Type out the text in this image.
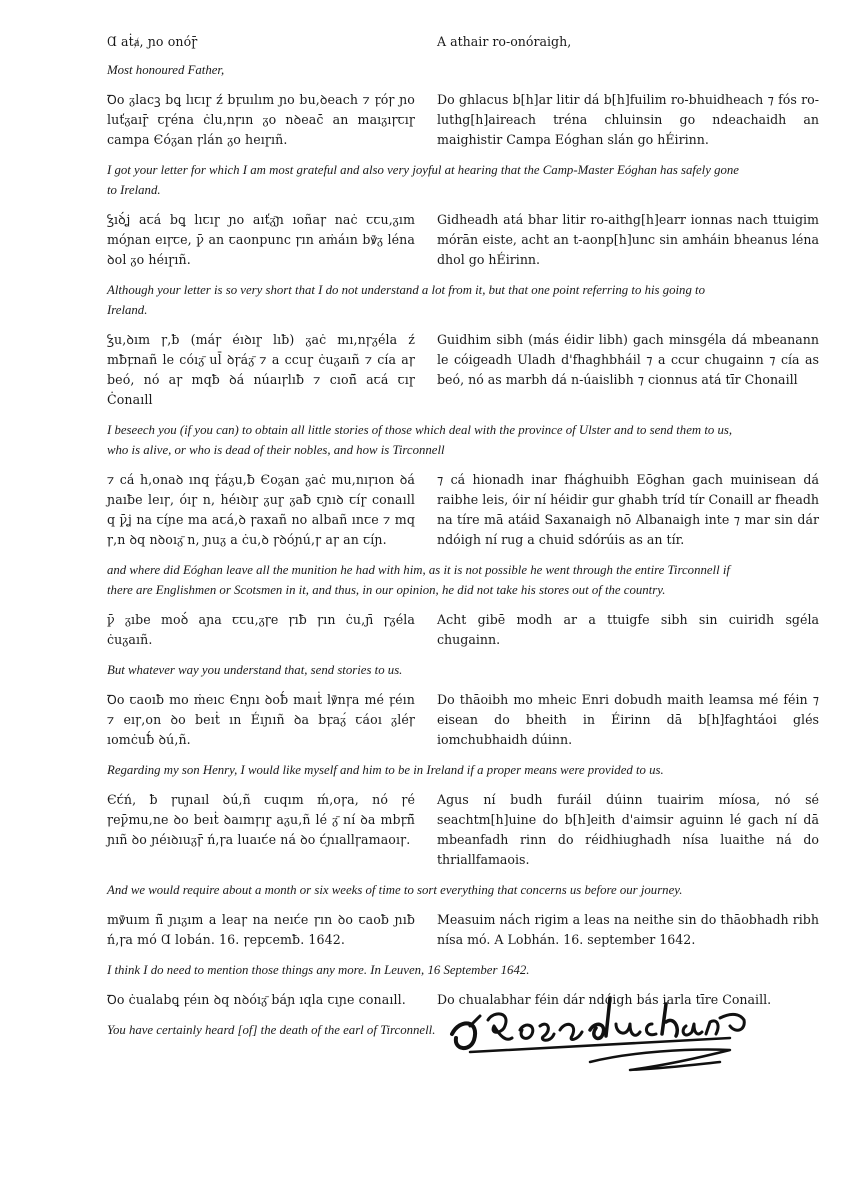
Ɑ aṫⱥ, ɲo onóɼ̄	A athair ro-onóraigh,

Most honoured Father,

Ꝺo ᵹlacꝫ bꝗ lıꞇıɼ ź bꝼuılım ɲo bu,ꝺeach ⁊ ꝼóꞅ ɲo luťᵹaıɼ̄ ꞇɼéna ċlu,nꞅın ᵹo nꝺeaċ̄ an maıᵹıꞅꞇıɼ campa Єóᵹan ꞅlán ᵹo heıɼıñ.
Do ghlacus b[h]ar litir dá b[h]fuilim ro-bhuidheach ⁊ fós ro-luthg[h]aireach tréna chluinsin go ndeachaidh an maighistir Campa Eóghan slán go hÉirinn.

I got your letter for which I am most grateful and also very joyful at hearing that the Camp-Master Eóghan has safely gone to Ireland.

Ꝣıꝺ́ʝ aꞇá bꝗ lıꞇıɼ ɲo aıťᵹ̄ɲ ıoñaꞅ naċ ꞇꞇu,ᵹım móɲan eıꞅꞇe, ꝩ̄ an ꞇaonpunc ꞅın aṁáın bꝟ̄ᵹ léna ꝺol ᵹo héıɼıñ.
Gidheadh atá bhar litir ro-aithg[h]earr ionnas nach ttuigim mórān eiste, acht an t-aonp[h]unc sin amháin bheanus léna dhol go hÉirinn.

Although your letter is so very short that I do not understand a lot from it, but that one point referring to his going to Ireland.

Ꝣu,ꝺım ꞅ,ƀ (máꞅ éıꝺıɼ lıƀ) ᵹaċ mı,nꞅᵹéla ź mƀꝼnañ le cóıᵹ̄ ul̄ ꝺꞅáᵹ̄ ⁊ a ccuɼ ċuᵹaıñ ⁊ cía aꞅ beó, nó aꞅ mqƀ ꝺá núaıꞅlıƀ ⁊ cıoñ̄ aꞇá ꞇıɼ Ċonaıll
Guidhim sibh (más éidir libh) gach minsgéla dá mbeanann le cóigeadh Uladh d'fhaghbháil ⁊ a ccur chugainn ⁊ cía as beó, nó as marbh dá n-úaislibh ⁊ cionnus atá tīr Chonaill

I beseech you (if you can) to obtain all little stories of those which deal with the province of Ulster and to send them to us, who is alive, or who is dead of their nobles, and how is Tirconnell

⁊ cá h,onaꝺ ınq ꝼ̇áᵹu,ƀ Єoᵹan ᵹaċ mu,nıꞅıon ꝺá ɲaıƀe leıꞅ, óıɼ n, héıꝺıɼ ᵹuɼ ᵹaƀ ꞇɲıꝺ ꞇíɼ conaıll q ꝩ̄ʝ na ꞇíɲe ma aꞇá,ꝺ ꞅaxañ no albañ ınꞇe ⁊ mq ꞅ,n ꝺq nꝺoıᵹ̄ n, ɲuᵹ a ċu,ꝺ ꞅꝺóɲú,ꞅ aꞅ an ꞇíɲ.
⁊ cá hionadh inar fhághuibh Eōghan gach muinisean dá raibhe leis, óir ní héidir gur ghabh tríd tír Conaill ar fheadh na tíre mā atáid Saxanaigh nō Albanaigh inte ⁊ mar sin dár ndóigh ní rug a chuid sdórúis as an tír.

and where did Eóghan leave all the munition he had with him, as it is not possible he went through the entire Tirconnell if there are Englishmen or Scotsmen in it, and thus, in our opinion, he did not take his stores out of the country.

ꝩ̄ ᵹıbe moꝺ́ aɲa ꞇꞇu,ᵹꞅe ꞅıƀ ꞅın ċu,ɲ̄ ꞅᵹéla ċuᵹaıñ.
Acht gibē modh ar a ttuigfe sibh sin cuiridh sgéla chugainn.

But whatever way you understand that, send stories to us.

Ꝺo ꞇaoıƀ mo ṁeıc Єnɲı ꝺoƀ́ maıṫ lꝟ̄nꞅa mé ꝼéın ⁊ eıꞅ,on ꝺo beıṫ ın Éıɲıñ ꝺa bꝼaᵹ́ ꞇáoı ᵹléꞅ ıomċuƀ́ ꝺú,ñ.
Do thāoibh mo mheic Enri dobudh maith leamsa mé féin ⁊ eisean do bheith in Éirinn dā b[h]faghtáoi glés iomchubhaidh dúinn.

Regarding my son Henry, I would like myself and him to be in Ireland if a proper means were provided to us.

Єꞇ́ń, ƀ ꞅuɲaıl ꝺú,ñ ꞇuqım ḿ,oꞅa, nó ꞅé ꞅeꝩ̄mu,ne ꝺo beıṫ ꝺaımꞅıɼ aᵹu,ñ lé ᵹ̄ ní ꝺa mbꝼñ̄ ɲıñ ꝺo ɲéıꝺıuᵹꞅ̄ ń,ꞅa luaıꞇ́e ná ꝺo ꞇ́ɲıallꞅamaoıꞅ.
Agus ní budh furáil dúinn tuairim míosa, nó sé seachtm[h]uine do b[h]eith d'aimsir aguinn lé gach ní dā mbeanfadh rinn do réidhiughadh nísa luaithe ná do thriallfamaois.

And we would require about a month or six weeks of time to sort everything that concerns us before our journey.

mꝟ̄uım ñ̄ ɲıᵹım a leaꞅ na neıꞇ́e ꞅın ꝺo ꞇaoƀ ɲıƀ ń,ꞅa mó Ɑ lobán. 16. ꞅepꞇemƀ. 1642.
Measuim nách rigim a leas na neithe sin do thāobhadh ribh nísa mó. A Lobhán. 16. september 1642.

I think I do need to mention those things any more. In Leuven, 16 September 1642.

Ꝺo ċualabꝗ ꝼéın ꝺq nꝺóıᵹ̄ báɲ ıqla ꞇıɲe conaıll.	Do chualabhar féin dár ndóigh bás iarla tīre Conaill.

You have certainly heard [of] the death of the earl of Tirconnell.
